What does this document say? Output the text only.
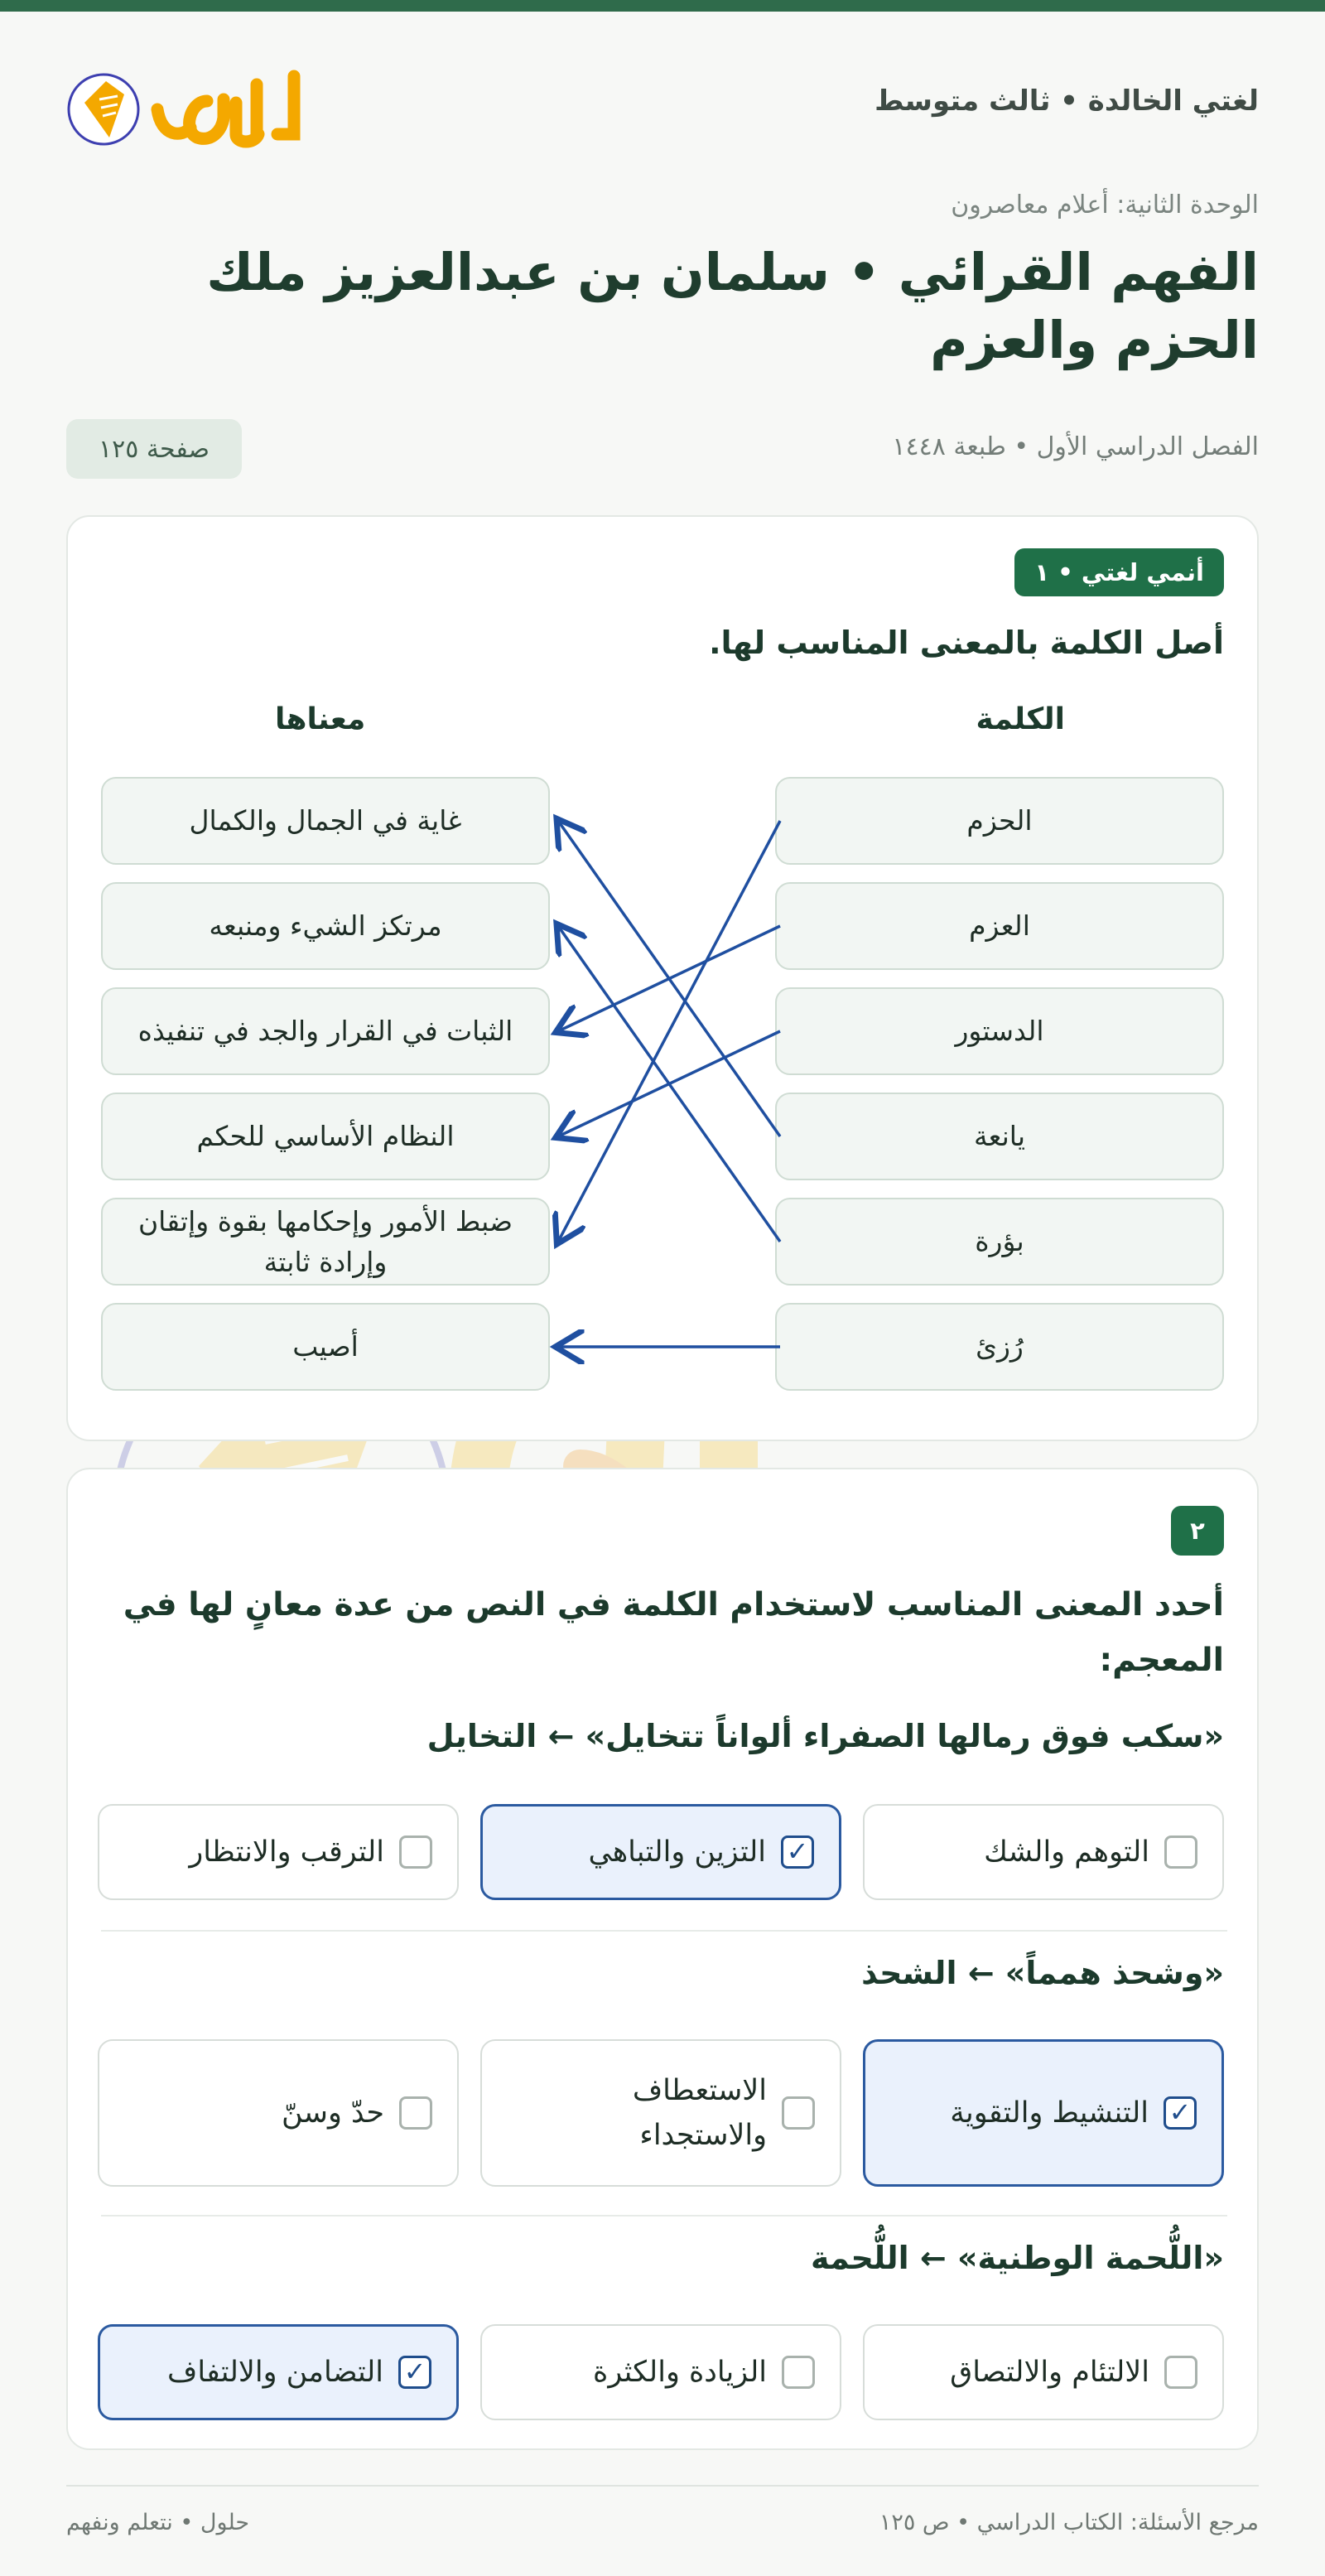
لغتي الخالدة • ثالث متوسط
الوحدة الثانية: أعلام معاصرون
الفهم القرائي • سلمان بن عبدالعزيز ملك الحزم والعزم
الفصل الدراسي الأول • طبعة ١٤٤٨
صفحة ١٢٥
أنمي لغتي • ١
أصل الكلمة بالمعنى المناسب لها.
الكلمة
معناها
الحزم
العزم
الدستور
يانعة
بؤرة
رُزئ
غاية في الجمال والكمال
مرتكز الشيء ومنبعه
الثبات في القرار والجد في تنفيذه
النظام الأساسي للحكم
ضبط الأمور وإحكامها بقوة وإتقان وإرادة ثابتة
أصيب
٢
أحدد المعنى المناسب لاستخدام الكلمة في النص من عدة معانٍ لها في المعجم:
«سكب فوق رمالها الصفراء ألواناً تتخايل» ← التخايل
التوهم والشك
✓
التزين والتباهي
الترقب والانتظار
«وشحذ همماً» ← الشحذ
✓
التنشيط والتقوية
الاستعطاف والاستجداء
حدّ وسنّ
«اللُّحمة الوطنية» ← اللُّحمة
الالتئام والالتصاق
الزيادة والكثرة
✓
التضامن والالتفاف
مرجع الأسئلة: الكتاب الدراسي • ص ١٢٥
حلول • نتعلم ونفهم
